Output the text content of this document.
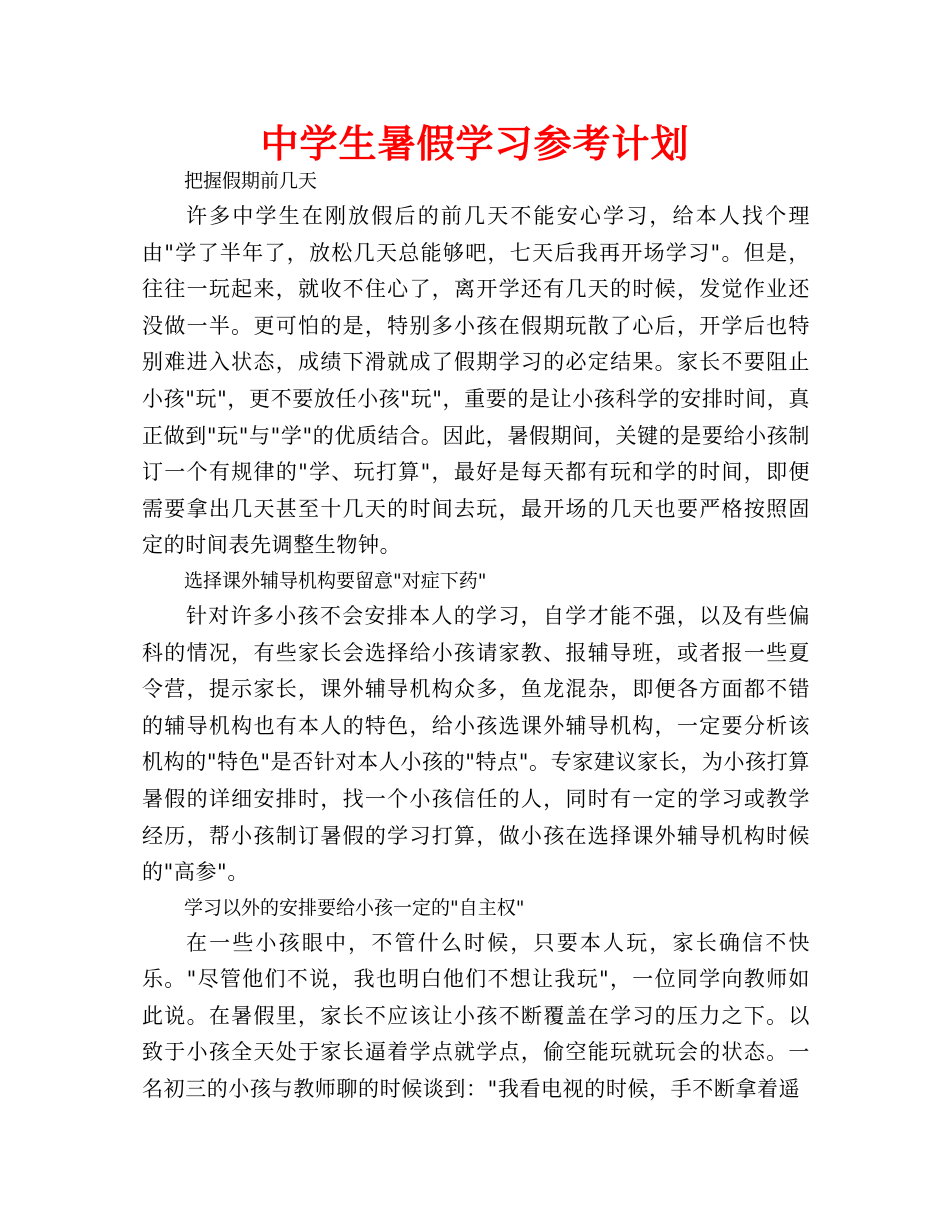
中学生暑假学习参考计划

把握假期前几天

许多中学生在刚放假后的前几天不能安心学习，给本人找个理由"学了半年了，放松几天总能够吧，七天后我再开场学习"。但是，往往一玩起来，就收不住心了，离开学还有几天的时候，发觉作业还没做一半。更可怕的是，特别多小孩在假期玩散了心后，开学后也特别难进入状态，成绩下滑就成了假期学习的必定结果。家长不要阻止小孩"玩"，更不要放任小孩"玩"，重要的是让小孩科学的安排时间，真正做到"玩"与"学"的优质结合。因此，暑假期间，关键的是要给小孩制订一个有规律的"学、玩打算"，最好是每天都有玩和学的时间，即便需要拿出几天甚至十几天的时间去玩，最开场的几天也要严格按照固定的时间表先调整生物钟。

选择课外辅导机构要留意"对症下药"

针对许多小孩不会安排本人的学习，自学才能不强，以及有些偏科的情况，有些家长会选择给小孩请家教、报辅导班，或者报一些夏令营，提示家长，课外辅导机构众多，鱼龙混杂，即便各方面都不错的辅导机构也有本人的特色，给小孩选课外辅导机构，一定要分析该机构的"特色"是否针对本人小孩的"特点"。专家建议家长，为小孩打算暑假的详细安排时，找一个小孩信任的人，同时有一定的学习或教学经历，帮小孩制订暑假的学习打算，做小孩在选择课外辅导机构时候的"高参"。

学习以外的安排要给小孩一定的"自主权"

在一些小孩眼中，不管什么时候，只要本人玩，家长确信不快乐。"尽管他们不说，我也明白他们不想让我玩"，一位同学向教师如此说。在暑假里，家长不应该让小孩不断覆盖在学习的压力之下。以致于小孩全天处于家长逼着学点就学点，偷空能玩就玩会的状态。一名初三的小孩与教师聊的时候谈到："我看电视的时候，手不断拿着遥
